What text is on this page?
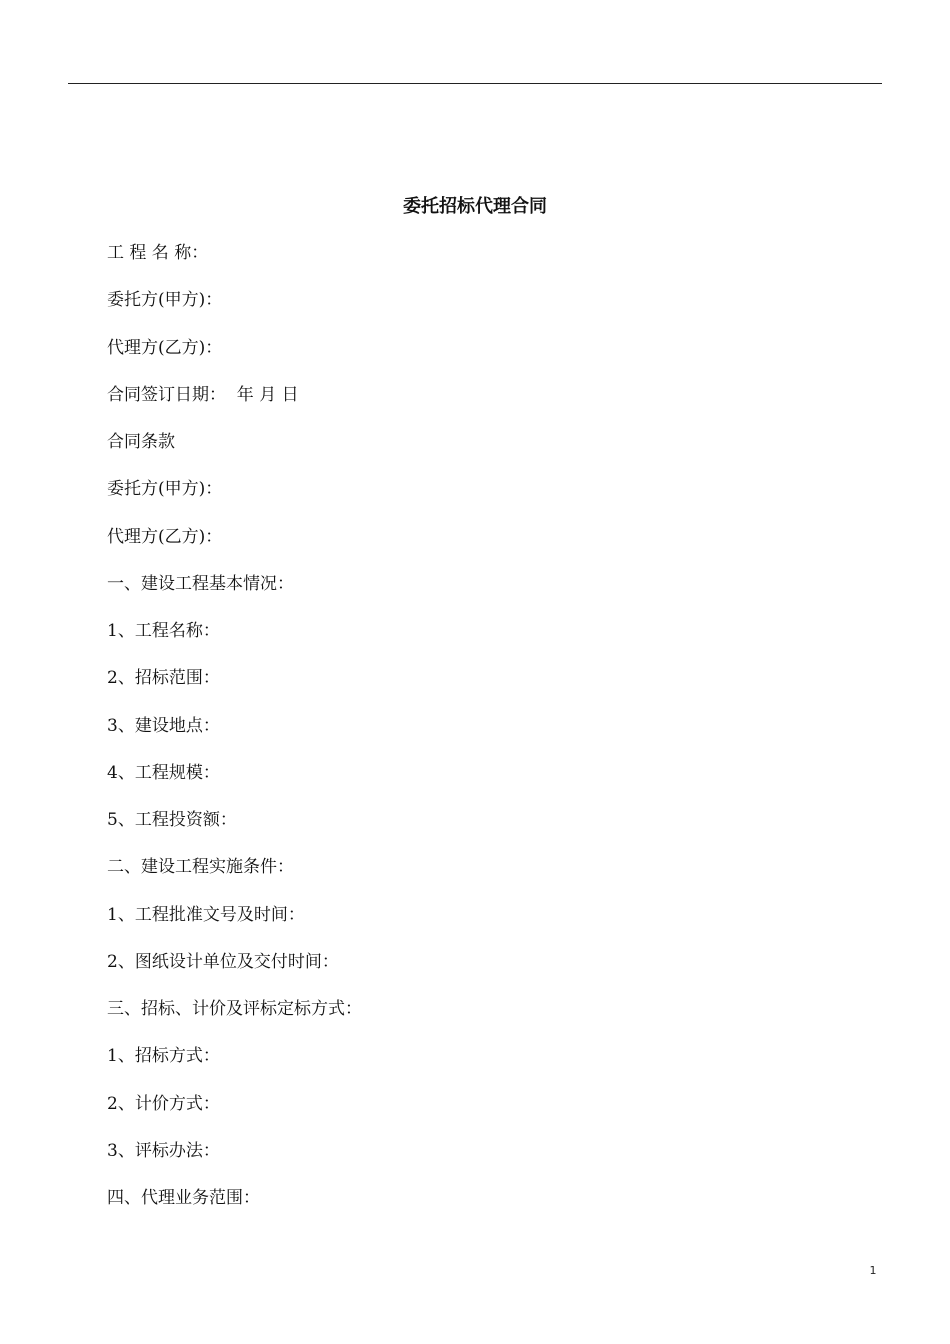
委托招标代理合同
工 程 名 称：
委托方(甲方)：
代理方(乙方)：
合同签订日期：  年 月 日
合同条款
委托方(甲方)：
代理方(乙方)：
一、建设工程基本情况：
1、工程名称：
2、招标范围：
3、建设地点：
4、工程规模：
5、工程投资额：
二、建设工程实施条件：
1、工程批准文号及时间：
2、图纸设计单位及交付时间：
三、招标、计价及评标定标方式：
1、招标方式：
2、计价方式：
3、评标办法：
四、代理业务范围：
1
